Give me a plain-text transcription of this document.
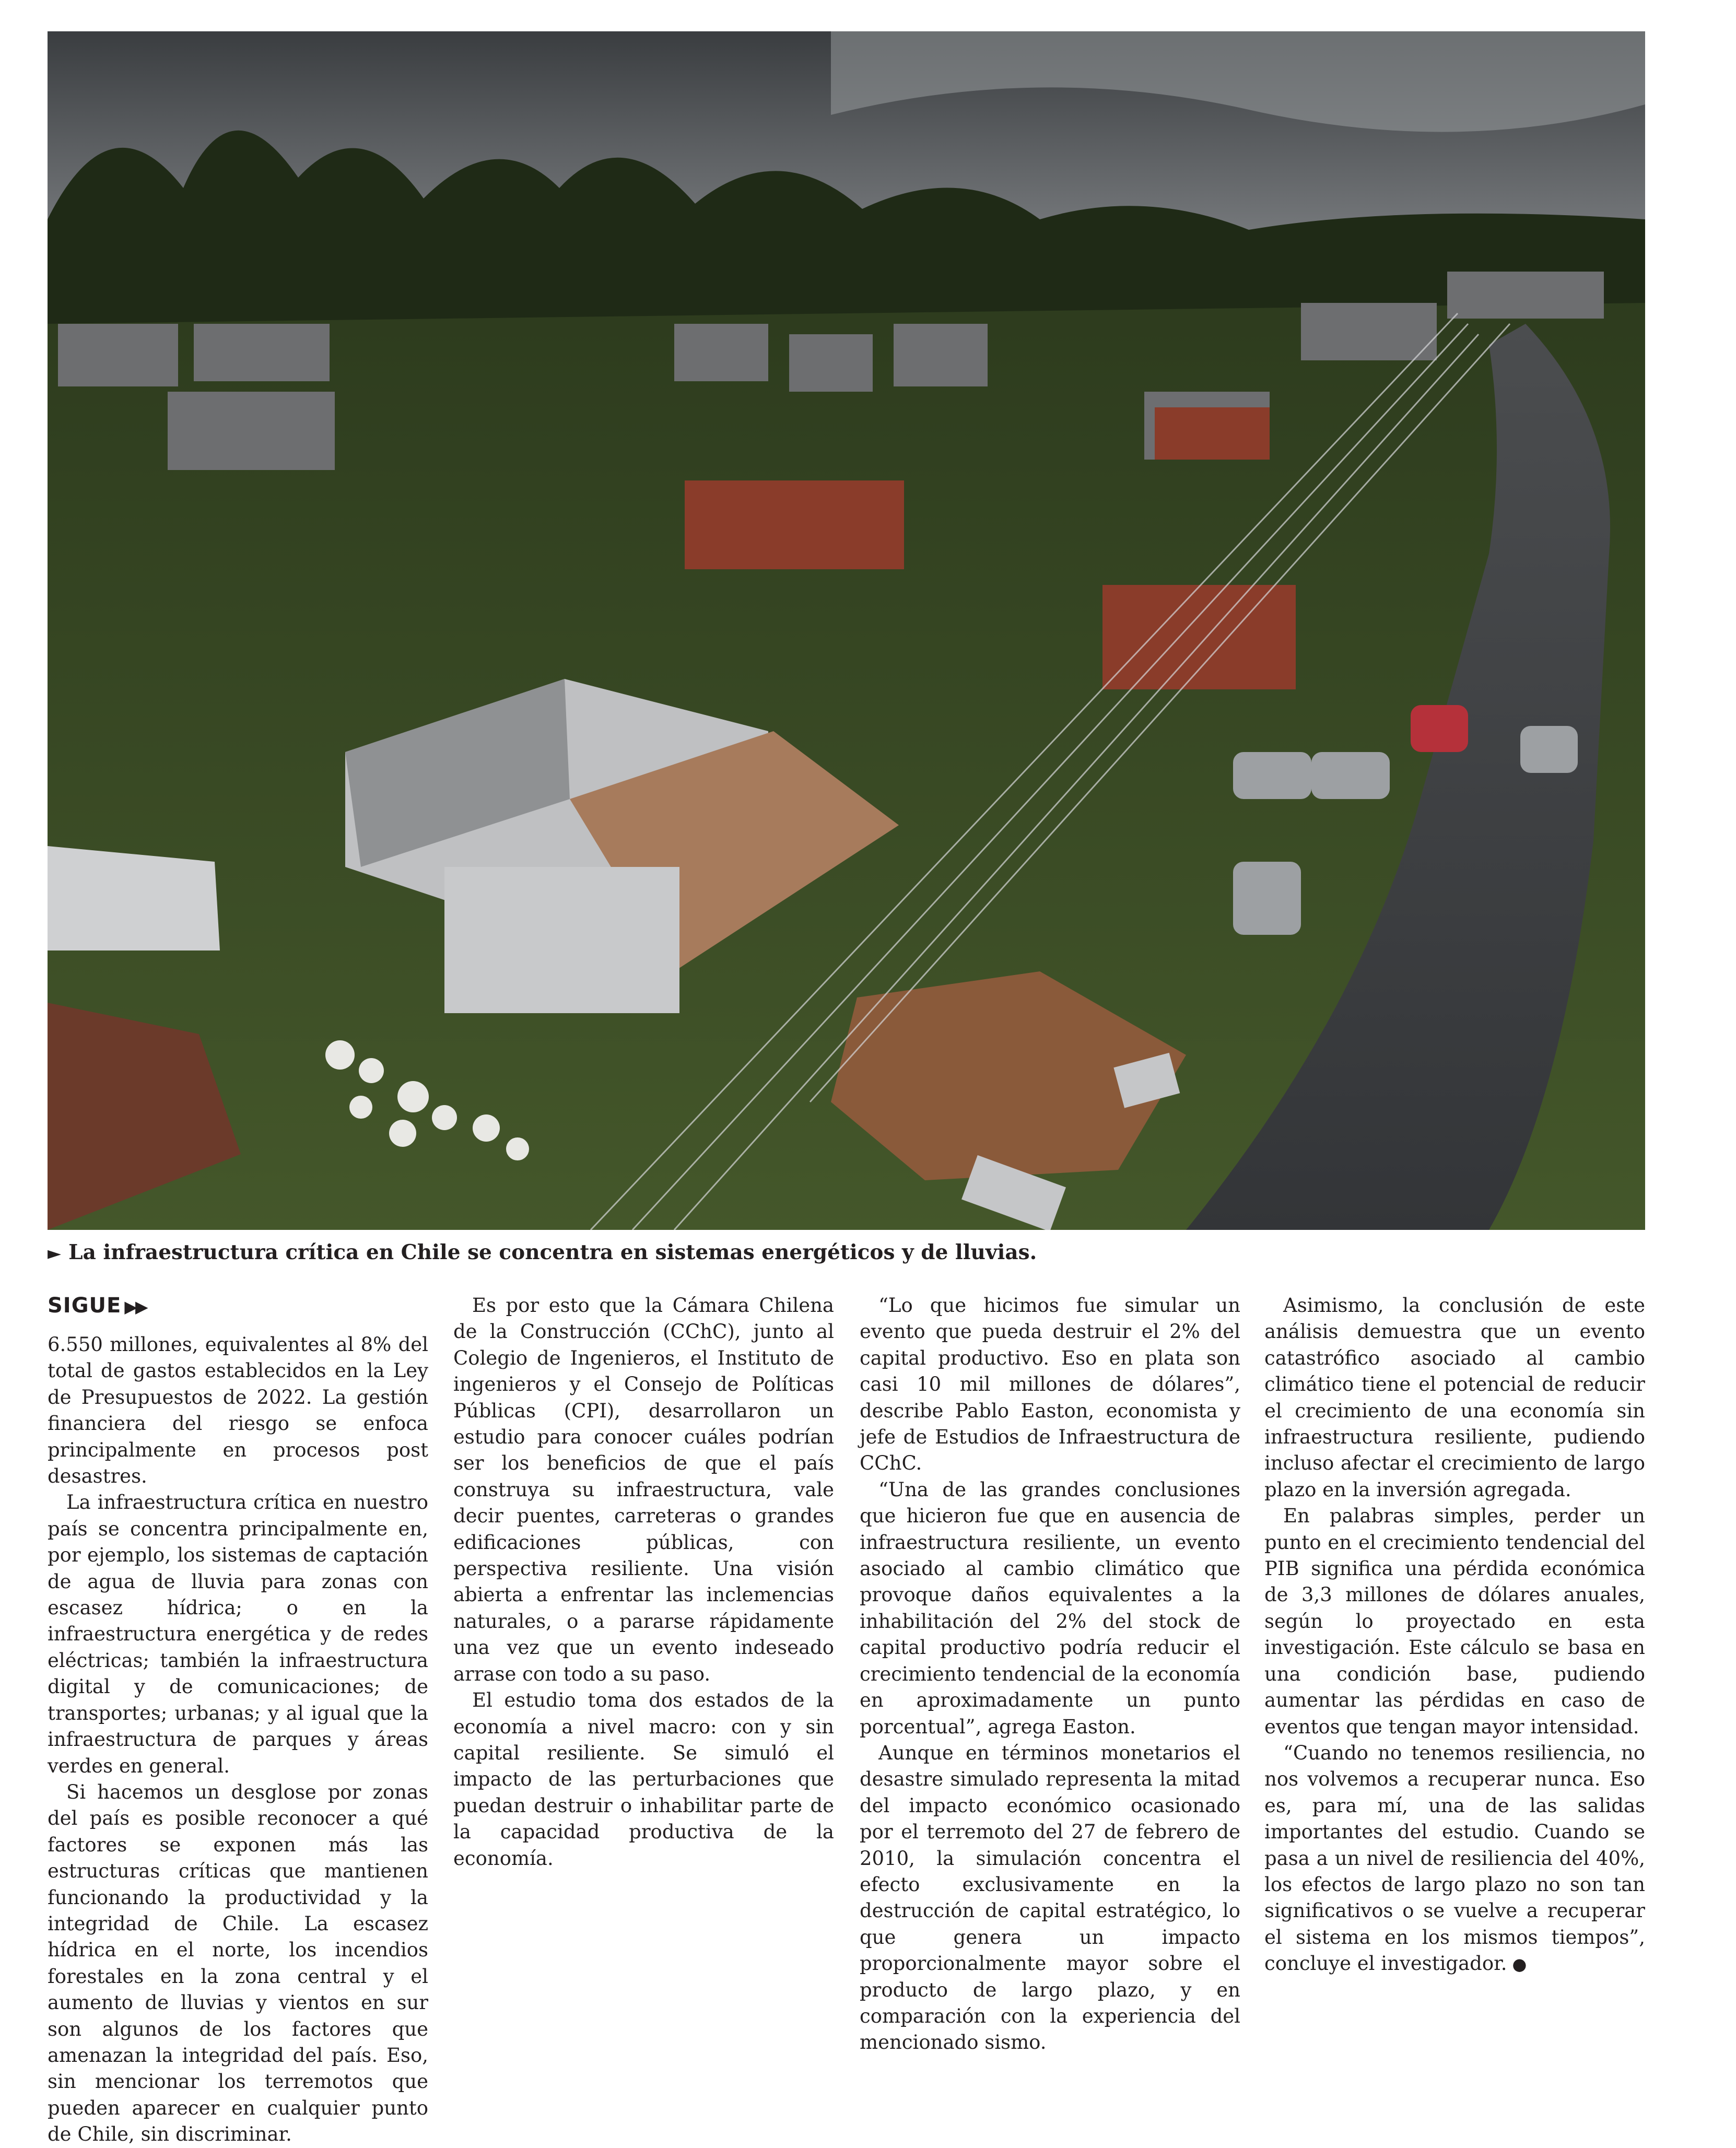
► La infraestructura crítica en Chile se concentra en sistemas energéticos y de lluvias.
SIGUE ▶▶

6.550 millones, equivalentes al 8% del total de gastos establecidos en la Ley de Presupuestos de 2022. La gestión financiera del riesgo se enfoca principalmente en procesos post desastres.

La infraestructura crítica en nuestro país se concentra principalmente en, por ejemplo, los sistemas de captación de agua de lluvia para zonas con escasez hídrica; o en la infraestructura energética y de redes eléctricas; también la infraestructura digital y de comunicaciones; de transportes; urbanas; y al igual que la infraestructura de parques y áreas verdes en general.

Si hacemos un desglose por zonas del país es posible reconocer a qué factores se exponen más las estructuras críticas que mantienen funcionando la productividad y la integridad de Chile. La escasez hídrica en el norte, los incendios forestales en la zona central y el aumento de lluvias y vientos en sur son algunos de los factores que amenazan la integridad del país. Eso, sin mencionar los terremotos que pueden aparecer en cualquier punto de Chile, sin discriminar.

Es por esto que la Cámara Chilena de la Construcción (CChC), junto al Colegio de Ingenieros, el Instituto de ingenieros y el Consejo de Políticas Públicas (CPI), desarrollaron un estudio para conocer cuáles podrían ser los beneficios de que el país construya su infraestructura, vale decir puentes, carreteras o grandes edificaciones públicas, con perspectiva resiliente. Una visión abierta a enfrentar las inclemencias naturales, o a pararse rápidamente una vez que un evento indeseado arrase con todo a su paso.

El estudio toma dos estados de la economía a nivel macro: con y sin capital resiliente. Se simuló el impacto de las perturbaciones que puedan destruir o inhabilitar parte de la capacidad productiva de la economía.

“Lo que hicimos fue simular un evento que pueda destruir el 2% del capital productivo. Eso en plata son casi 10 mil millones de dólares”, describe Pablo Easton, economista y jefe de Estudios de Infraestructura de CChC.

“Una de las grandes conclusiones que hicieron fue que en ausencia de infraestructura resiliente, un evento asociado al cambio climático que provoque daños equivalentes a la inhabilitación del 2% del stock de capital productivo podría reducir el crecimiento tendencial de la economía en aproximadamente un punto porcentual”, agrega Easton.

Aunque en términos monetarios el desastre simulado representa la mitad del impacto económico ocasionado por el terremoto del 27 de febrero de 2010, la simulación concentra el efecto exclusivamente en la destrucción de capital estratégico, lo que genera un impacto proporcionalmente mayor sobre el producto de largo plazo, y en comparación con la experiencia del mencionado sismo.

Asimismo, la conclusión de este análisis demuestra que un evento catastrófico asociado al cambio climático tiene el potencial de reducir el crecimiento de una economía sin infraestructura resiliente, pudiendo incluso afectar el crecimiento de largo plazo en la inversión agregada.

En palabras simples, perder un punto en el crecimiento tendencial del PIB significa una pérdida económica de 3,3 millones de dólares anuales, según lo proyectado en esta investigación. Este cálculo se basa en una condición base, pudiendo aumentar las pérdidas en caso de eventos que tengan mayor intensidad.

“Cuando no tenemos resiliencia, no nos volvemos a recuperar nunca. Eso es, para mí, una de las salidas importantes del estudio. Cuando se pasa a un nivel de resiliencia del 40%, los efectos de largo plazo no son tan significativos o se vuelve a recuperar el sistema en los mismos tiempos”, concluye el investigador. ●
